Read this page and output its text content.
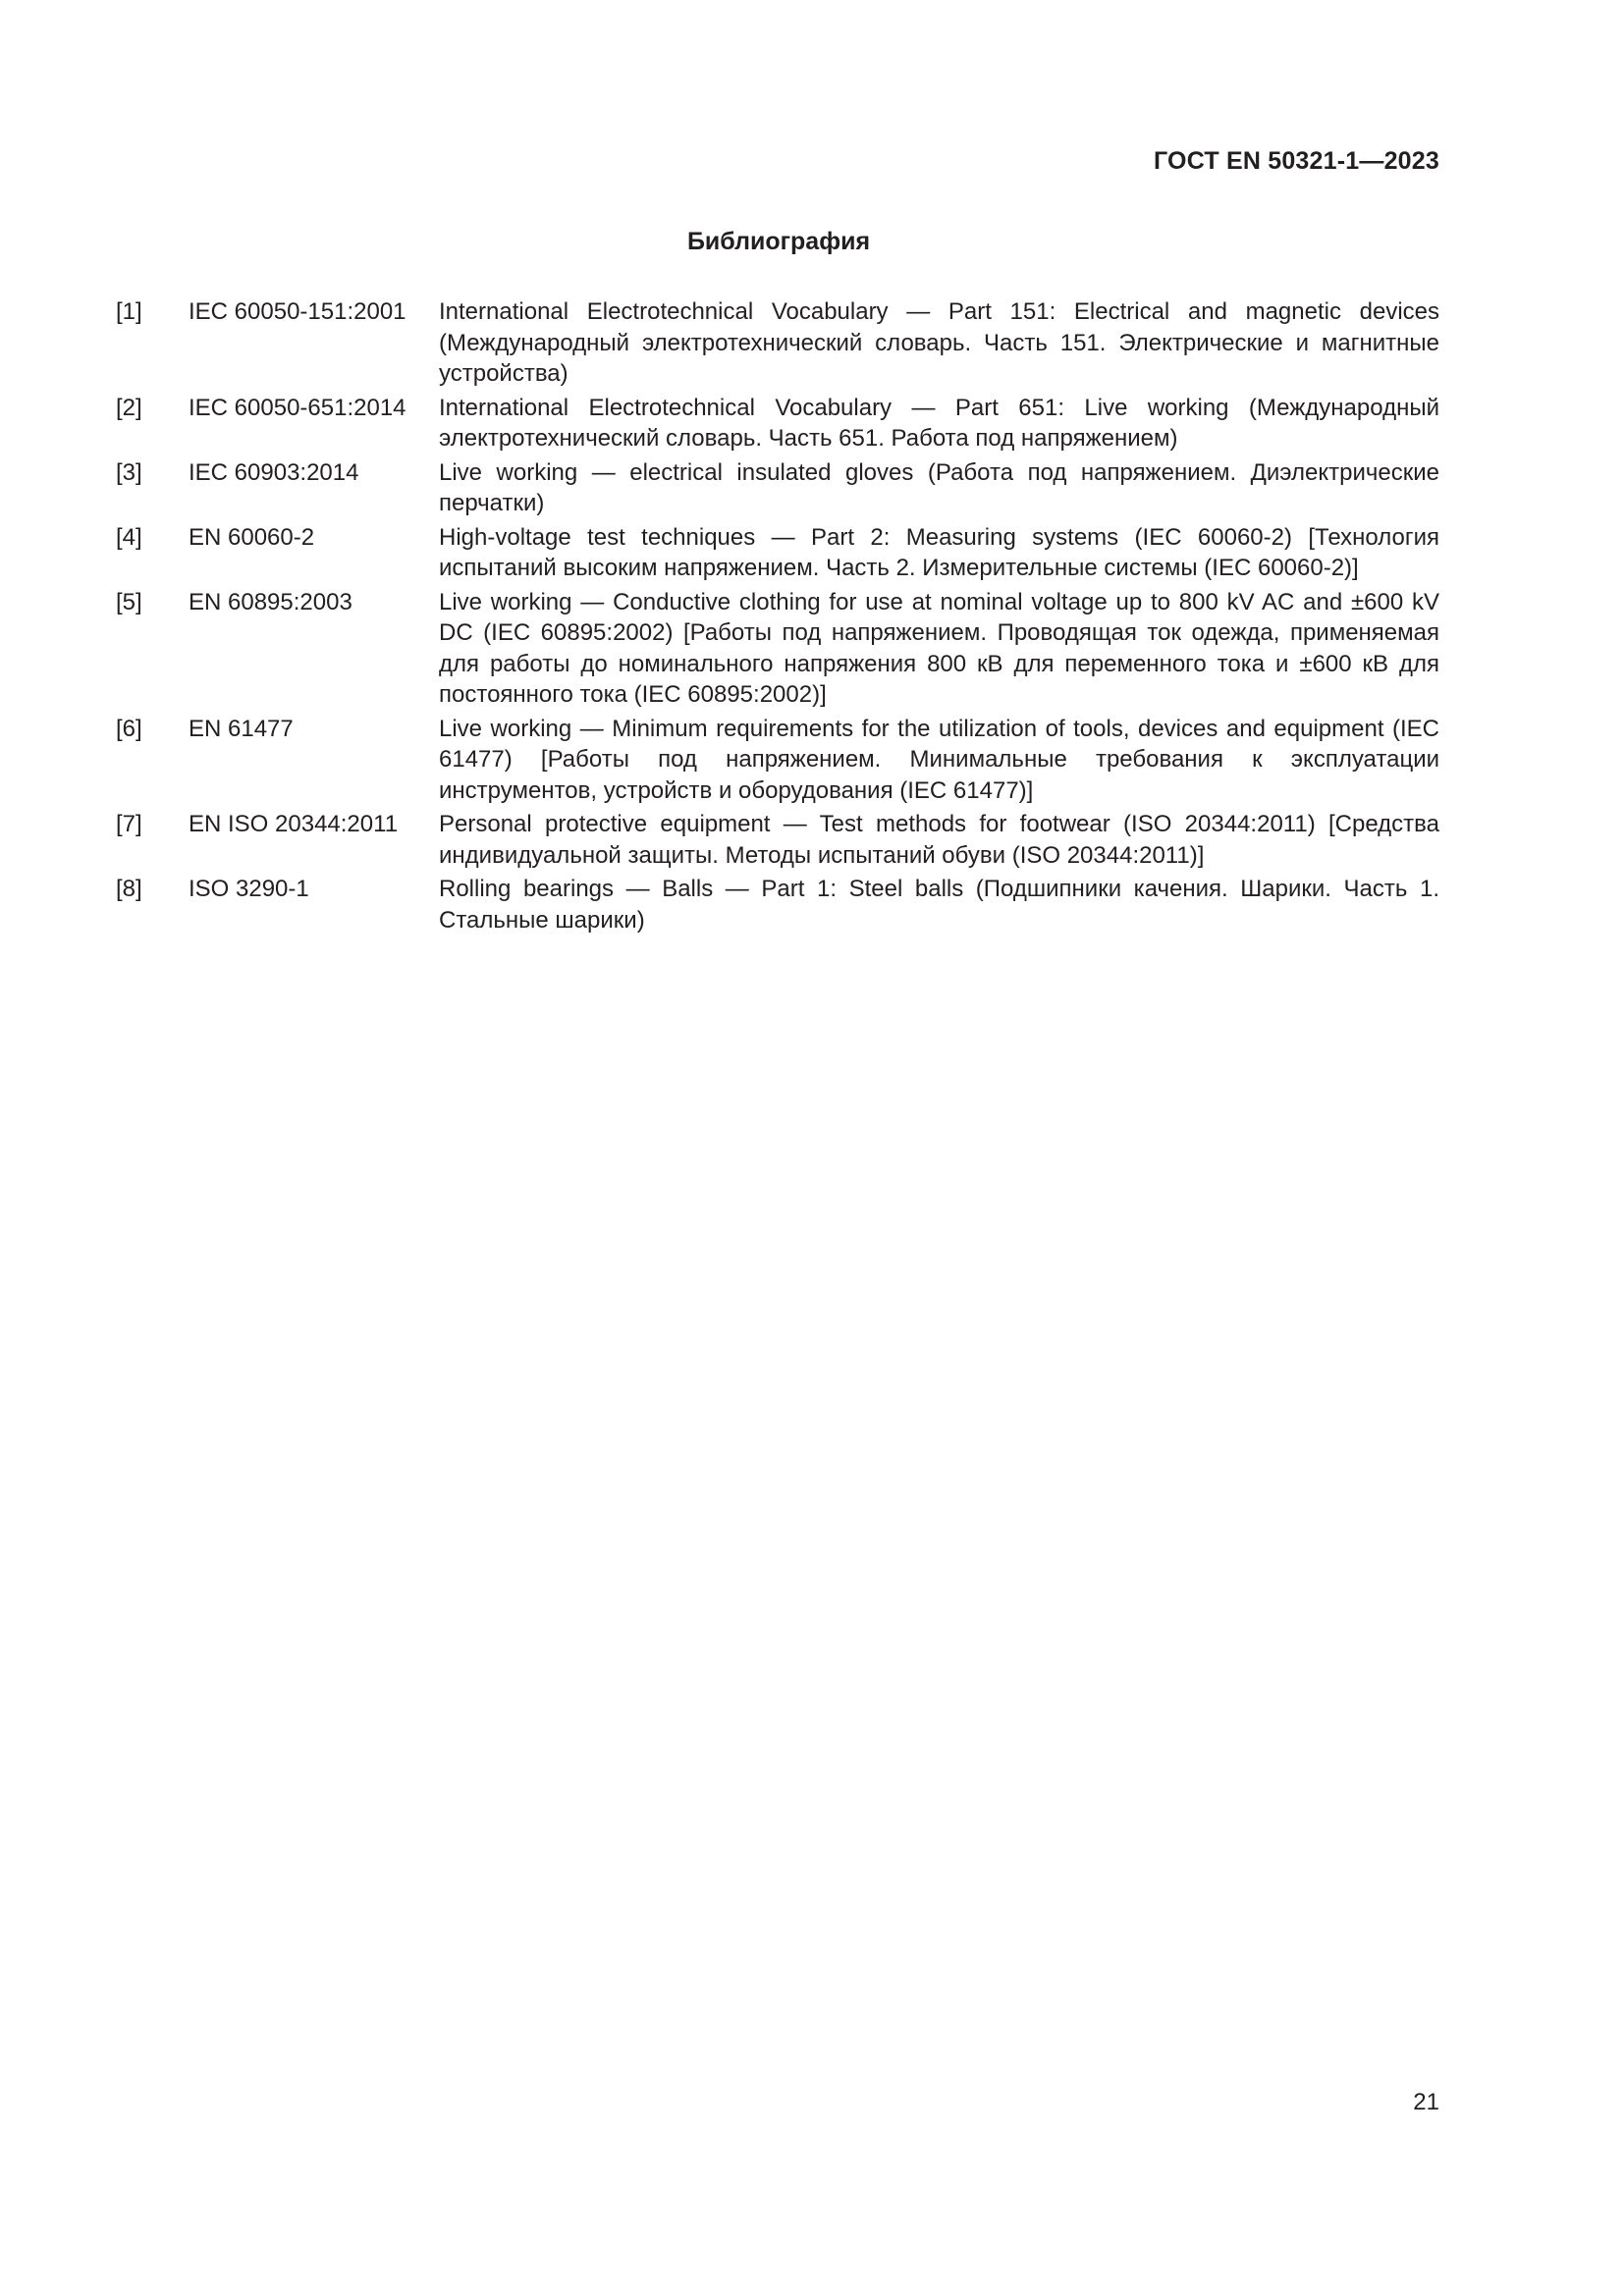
ГОСТ EN 50321-1—2023
Библиография
[1]	IEC 60050-151:2001	International Electrotechnical Vocabulary — Part 151: Electrical and magnetic devices (Международный электротехнический словарь. Часть 151. Электрические и магнитные устройства)
[2]	IEC 60050-651:2014	International Electrotechnical Vocabulary — Part 651: Live working (Международный электротехнический словарь. Часть 651. Работа под напряжением)
[3]	IEC 60903:2014	Live working — electrical insulated gloves (Работа под напряжением. Диэлектрические перчатки)
[4]	EN 60060-2	High-voltage test techniques — Part 2: Measuring systems (IEC 60060-2) [Технология испытаний высоким напряжением. Часть 2. Измерительные системы (IEC 60060-2)]
[5]	EN 60895:2003	Live working — Conductive clothing for use at nominal voltage up to 800 kV AC and ±600 kV DC (IEC 60895:2002) [Работы под напряжением. Проводящая ток одежда, применяемая для работы до номинального напряжения 800 кВ для переменного тока и ±600 кВ для постоянного тока (IEC 60895:2002)]
[6]	EN 61477	Live working — Minimum requirements for the utilization of tools, devices and equipment (IEC 61477) [Работы под напряжением. Минимальные требования к эксплуатации инструментов, устройств и оборудования (IEC 61477)]
[7]	EN ISO 20344:2011	Personal protective equipment — Test methods for footwear (ISO 20344:2011) [Средства индивидуальной защиты. Методы испытаний обуви (ISO 20344:2011)]
[8]	ISO 3290-1	Rolling bearings — Balls — Part 1: Steel balls (Подшипники качения. Шарики. Часть 1. Стальные шарики)
21
